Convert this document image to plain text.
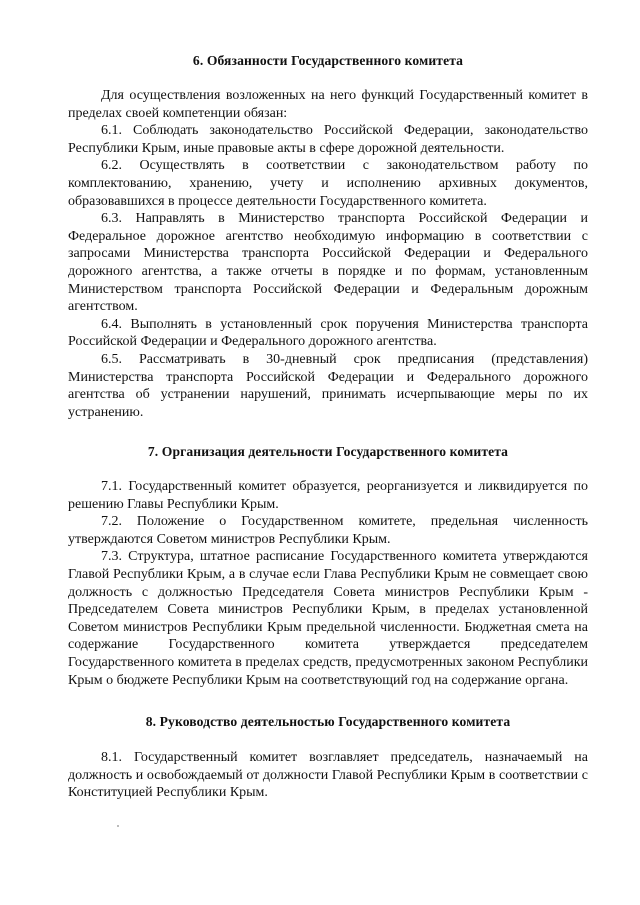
6. Обязанности Государственного комитета

Для осуществления возложенных на него функций Государственный комитет в пределах своей компетенции обязан:

6.1. Соблюдать законодательство Российской Федерации, законодательство Республики Крым, иные правовые акты в сфере дорожной деятельности.

6.2. Осуществлять в соответствии с законодательством работу по комплектованию, хранению, учету и исполнению архивных документов, образовавшихся в процессе деятельности Государственного комитета.

6.3. Направлять в Министерство транспорта Российской Федерации и Федеральное дорожное агентство необходимую информацию в соответствии с запросами Министерства транспорта Российской Федерации и Федерального дорожного агентства, а также отчеты в порядке и по формам, установленным Министерством транспорта Российской Федерации и Федеральным дорожным агентством.

6.4. Выполнять в установленный срок поручения Министерства транспорта Российской Федерации и Федерального дорожного агентства.

6.5. Рассматривать в 30-дневный срок предписания (представления) Министерства транспорта Российской Федерации и Федерального дорожного агентства об устранении нарушений, принимать исчерпывающие меры по их устранению.

7. Организация деятельности Государственного комитета

7.1. Государственный комитет образуется, реорганизуется и ликвидируется по решению Главы Республики Крым.

7.2. Положение о Государственном комитете, предельная численность утверждаются Советом министров Республики Крым.

7.3. Структура, штатное расписание Государственного комитета утверждаются Главой Республики Крым, а в случае если Глава Республики Крым не совмещает свою должность с должностью Председателя Совета министров Республики Крым - Председателем Совета министров Республики Крым, в пределах установленной Советом министров Республики Крым предельной численности. Бюджетная смета на содержание Государственного комитета утверждается председателем Государственного комитета в пределах средств, предусмотренных законом Республики Крым о бюджете Республики Крым на соответствующий год на содержание органа.

8. Руководство деятельностью Государственного комитета

8.1. Государственный комитет возглавляет председатель, назначаемый на должность и освобождаемый от должности Главой Республики Крым в соответствии с Конституцией Республики Крым.
